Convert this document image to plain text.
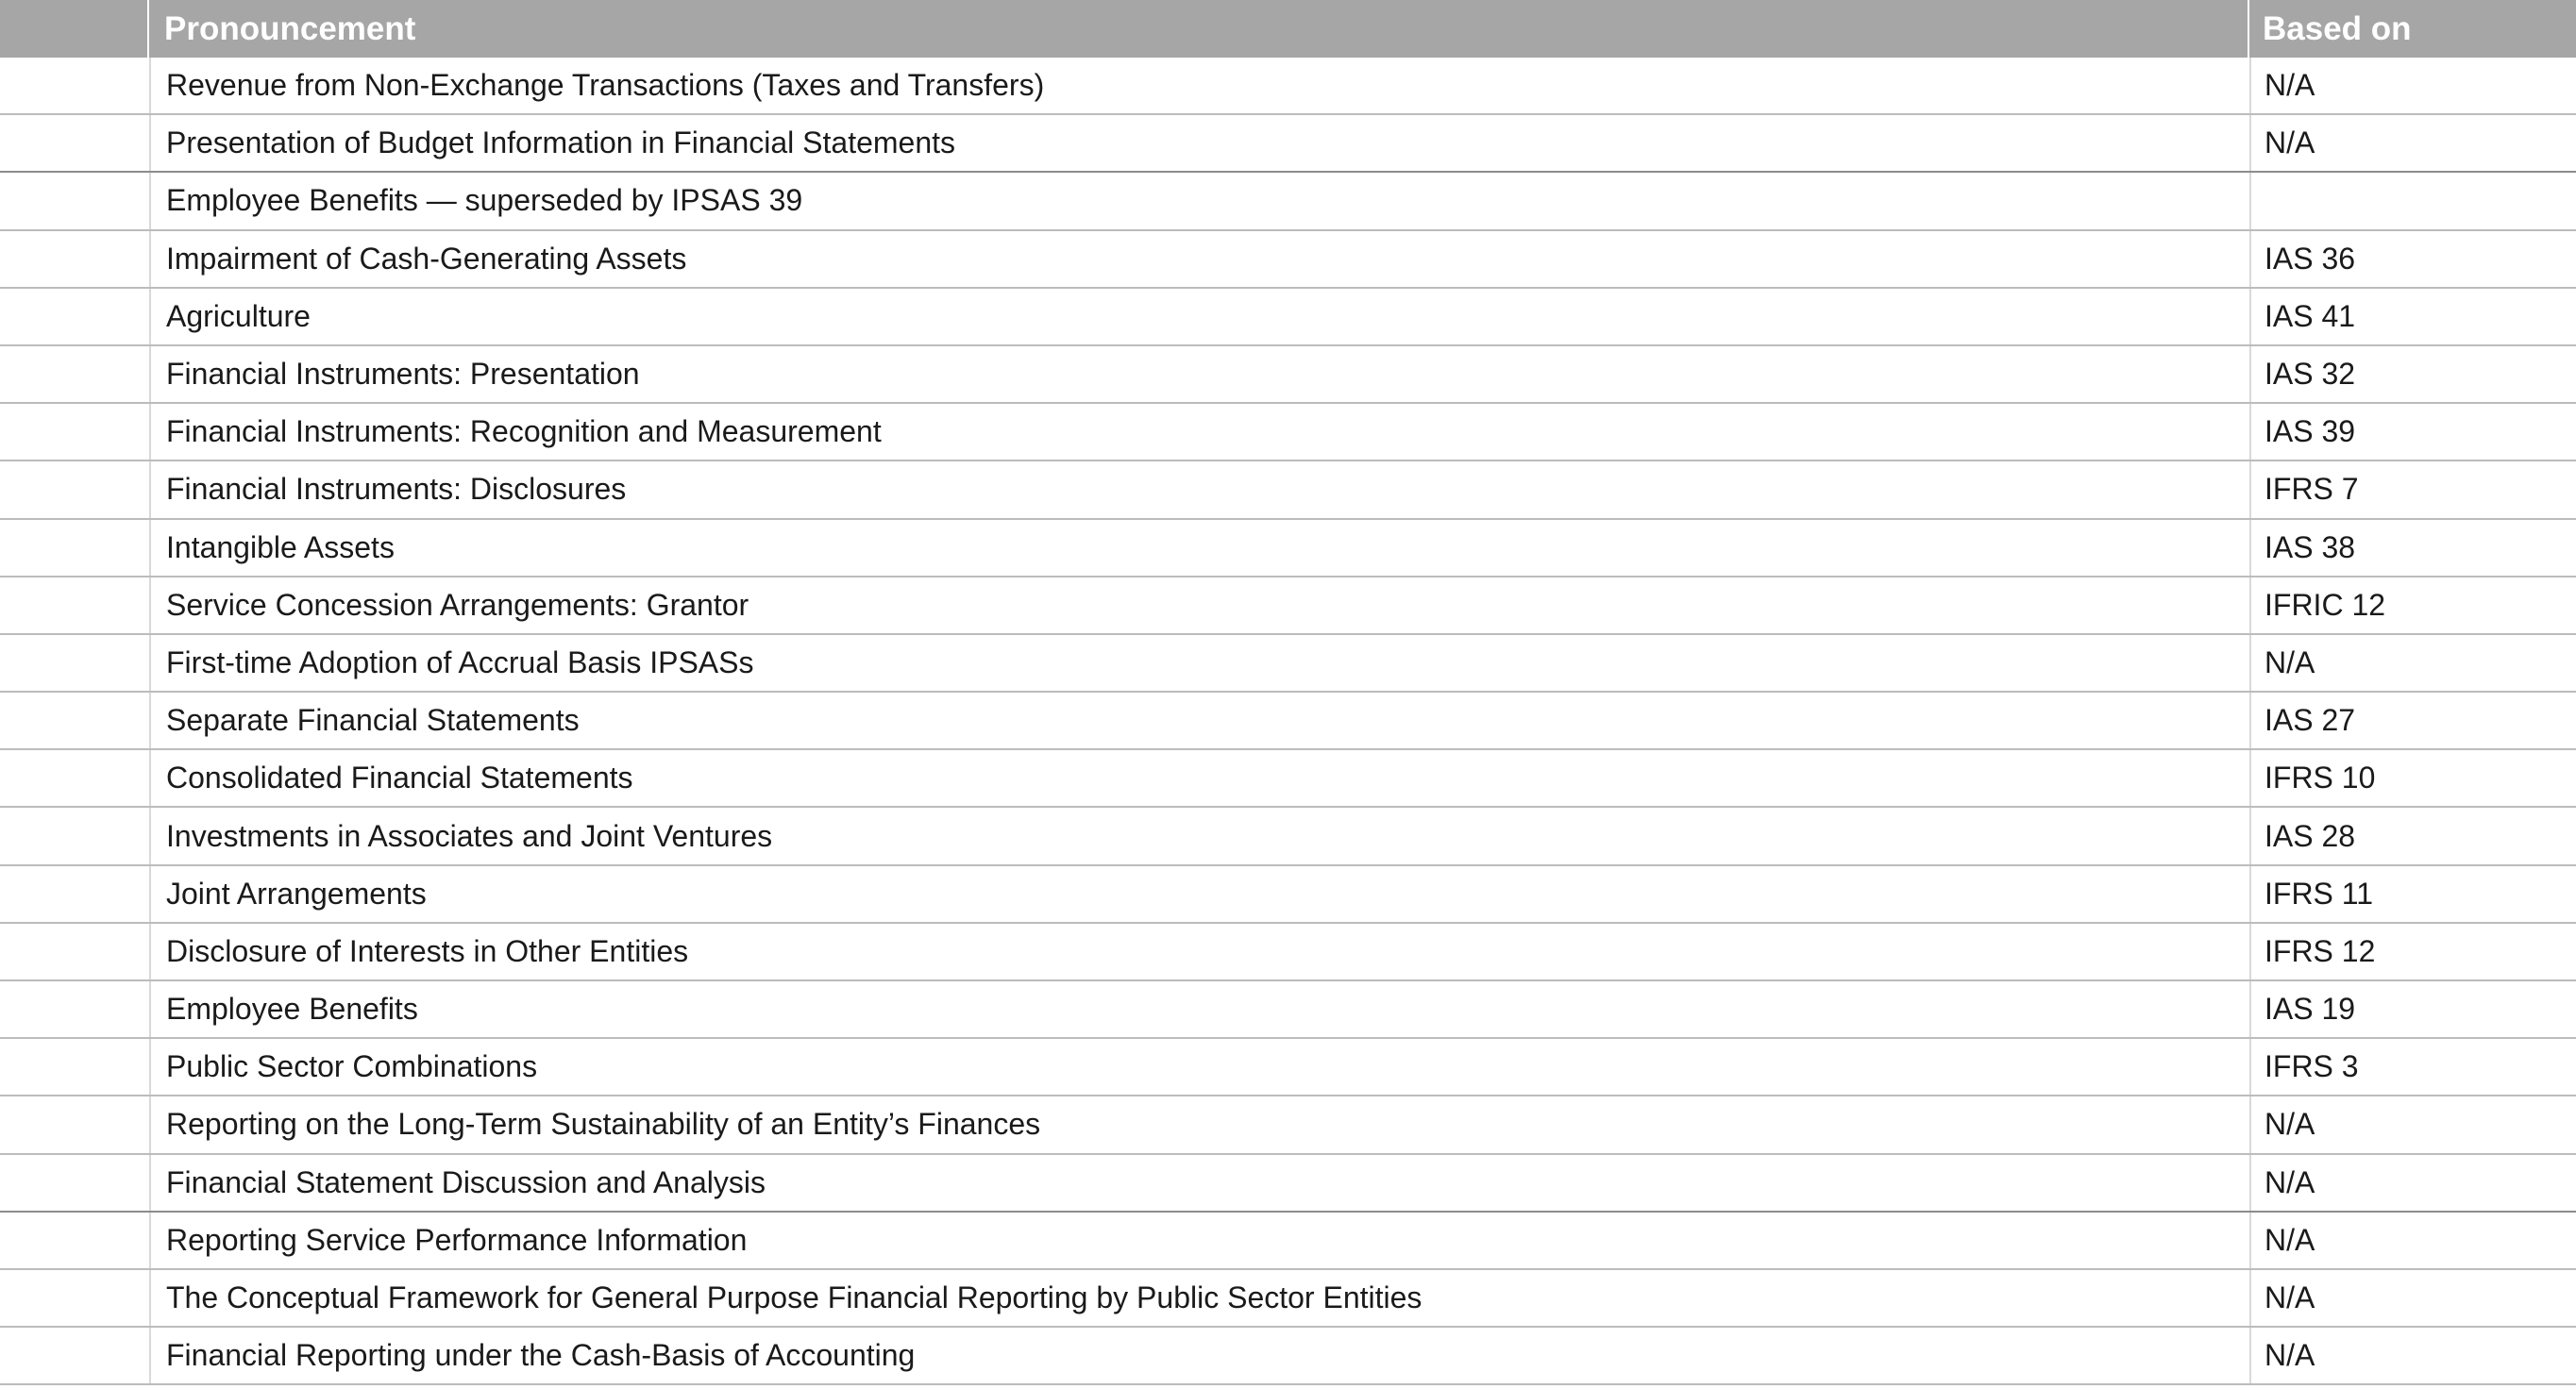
Pronouncement	Based on
Revenue from Non-Exchange Transactions (Taxes and Transfers)	N/A
Presentation of Budget Information in Financial Statements	N/A
Employee Benefits — superseded by IPSAS 39
Impairment of Cash-Generating Assets	IAS 36
Agriculture	IAS 41
Financial Instruments: Presentation	IAS 32
Financial Instruments: Recognition and Measurement	IAS 39
Financial Instruments: Disclosures	IFRS 7
Intangible Assets	IAS 38
Service Concession Arrangements: Grantor	IFRIC 12
First-time Adoption of Accrual Basis IPSASs	N/A
Separate Financial Statements	IAS 27
Consolidated Financial Statements	IFRS 10
Investments in Associates and Joint Ventures	IAS 28
Joint Arrangements	IFRS 11
Disclosure of Interests in Other Entities	IFRS 12
Employee Benefits	IAS 19
Public Sector Combinations	IFRS 3
Reporting on the Long-Term Sustainability of an Entity’s Finances	N/A
Financial Statement Discussion and Analysis	N/A
Reporting Service Performance Information	N/A
The Conceptual Framework for General Purpose Financial Reporting by Public Sector Entities	N/A
Financial Reporting under the Cash-Basis of Accounting	N/A
